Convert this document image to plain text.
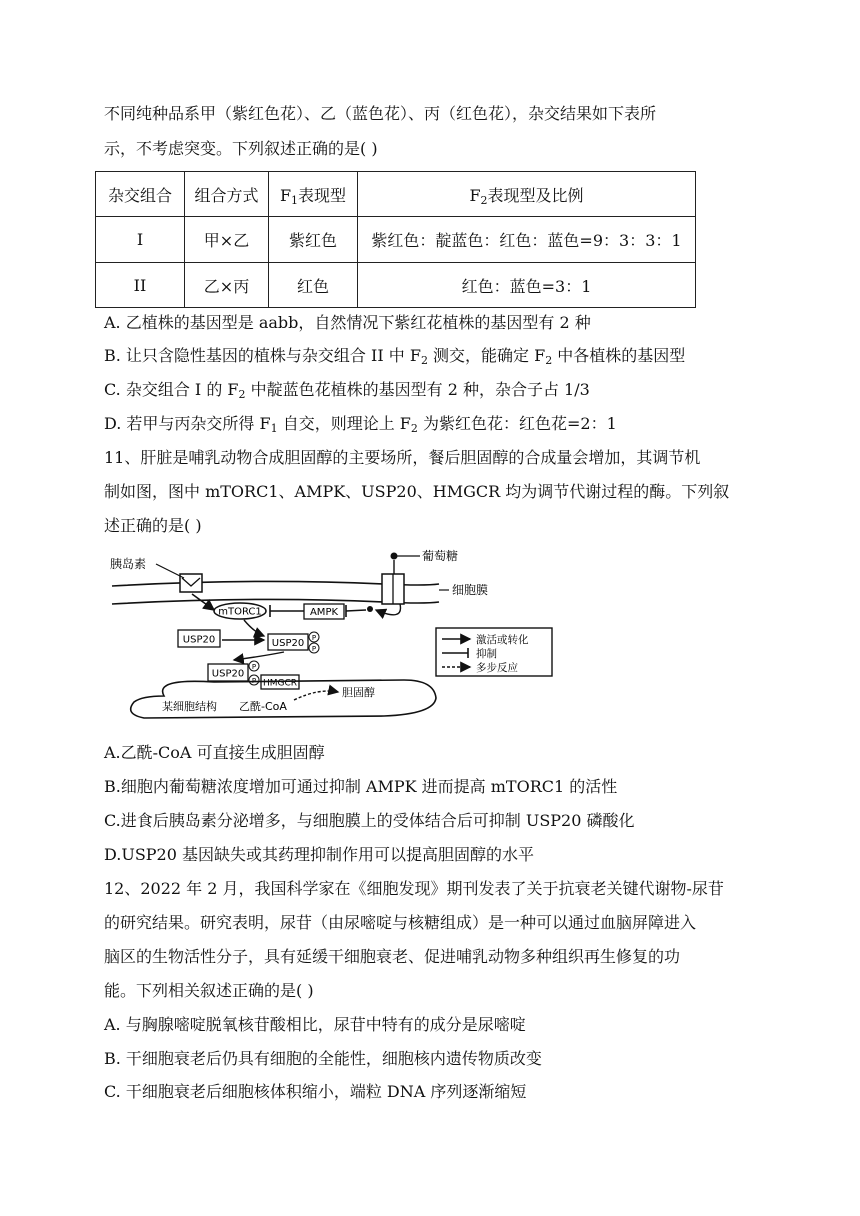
不同纯种品系甲（紫红色花）、乙（蓝色花）、丙（红色花），杂交结果如下表所
示，不考虑突变。下列叙述正确的是( )
杂交组合	组合方式	$F_1$表现型	$F_2$表现型及比例
I	甲×乙	紫红色	紫红色：靛蓝色：红色：蓝色=9：3：3：1
II	乙×丙	红色	红色：蓝色=3：1
A. 乙植株的基因型是 aabb，自然情况下紫红花植株的基因型有 2 种
B. 让只含隐性基因的植株与杂交组合 II 中 $F_2$ 测交，能确定 $F_2$ 中各植株的基因型
C. 杂交组合 I 的 $F_2$ 中靛蓝色花植株的基因型有 2 种，杂合子占 1/3
D. 若甲与丙杂交所得 $F_1$ 自交，则理论上 $F_2$ 为紫红色花：红色花=2：1
11、肝脏是哺乳动物合成胆固醇的主要场所，餐后胆固醇的合成量会增加，其调节机
制如图，图中 mTORC1、AMPK、USP20、HMGCR 均为调节代谢过程的酶。下列叙
述正确的是( )
细胞膜
胰岛素
葡萄糖
mTORC1	AMPK
USP20	USP20 P
P
USP20
P
P HMGCR
某细胞结构 乙酰-CoA
胆固醇
激活或转化
抑制
多步反应
A.乙酰-CoA 可直接生成胆固醇
B.细胞内葡萄糖浓度增加可通过抑制 AMPK 进而提高 mTORC1 的活性
C.进食后胰岛素分泌增多，与细胞膜上的受体结合后可抑制 USP20 磷酸化
D.USP20 基因缺失或其药理抑制作用可以提高胆固醇的水平
12、2022 年 2 月，我国科学家在《细胞发现》期刊发表了关于抗衰老关键代谢物-尿苷
的研究结果。研究表明，尿苷（由尿嘧啶与核糖组成）是一种可以通过血脑屏障进入
脑区的生物活性分子，具有延缓干细胞衰老、促进哺乳动物多种组织再生修复的功
能。下列相关叙述正确的是( )
A. 与胸腺嘧啶脱氧核苷酸相比，尿苷中特有的成分是尿嘧啶
B. 干细胞衰老后仍具有细胞的全能性，细胞核内遗传物质改变
C. 干细胞衰老后细胞核体积缩小，端粒 DNA 序列逐渐缩短
